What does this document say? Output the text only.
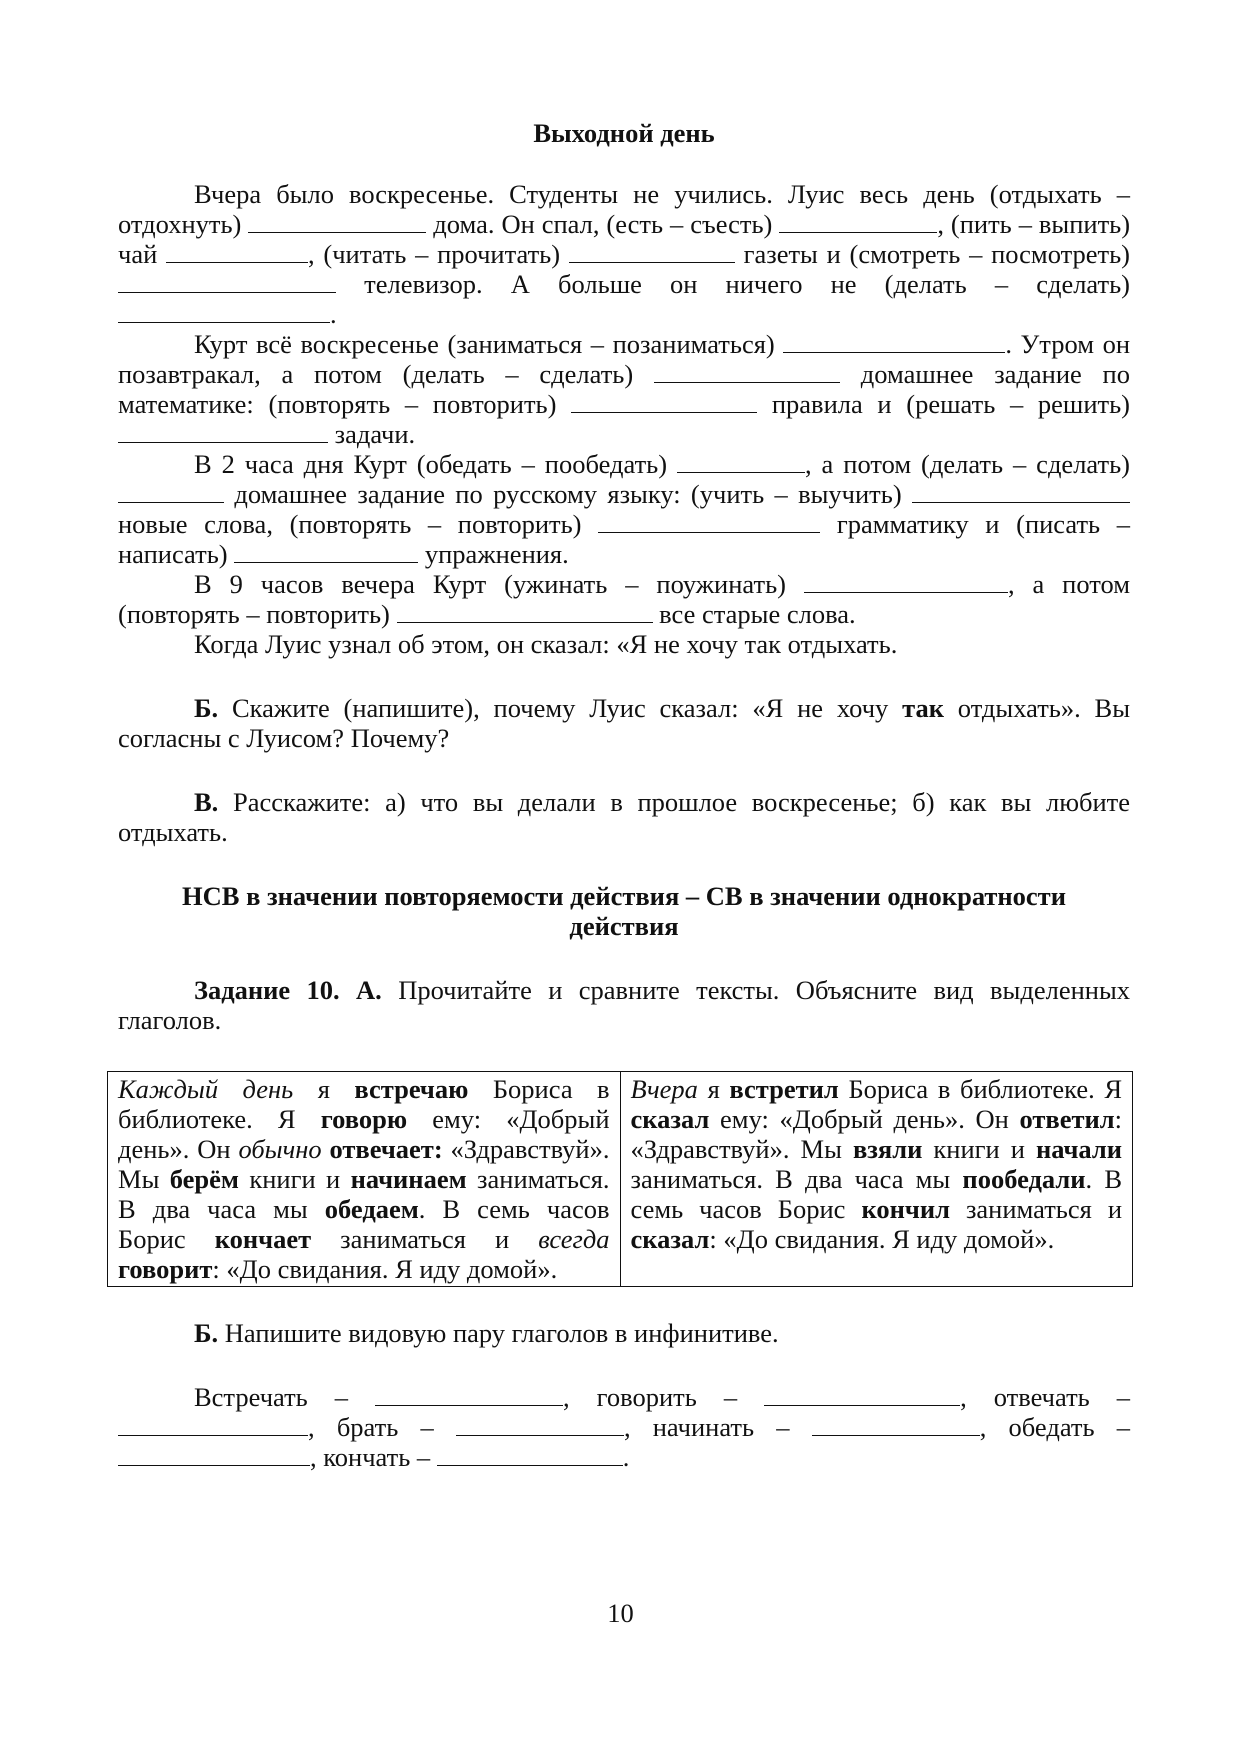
Выходной день

Вчера было воскресенье. Студенты не учились. Луис весь день (отдыхать – отдохнуть)	дома. Он спал, (есть – съесть)	, (пить – выпить) чай	, (читать – прочитать)	газеты и (смотреть – посмотреть)  телевизор. А больше он ничего не (делать – сделать) .

Курт всё воскресенье (заниматься – позаниматься)	. Утром он позавтракал, а потом (делать – сделать)	домашнее задание по математике: (повторять – повторить)	правила и (решать – решить)  задачи.

В 2 часа дня Курт (обедать – пообедать)	, а потом (делать – сделать)  домашнее задание по русскому языку: (учить – выучить)  новые слова, (повторять – повторить)	грамматику и (писать – написать)	упражнения.

В 9 часов вечера Курт (ужинать – поужинать)	, а потом (повторять – повторить)	все старые слова.

Когда Луис узнал об этом, он сказал: «Я не хочу так отдыхать.

Б. Скажите (напишите), почему Луис сказал: «Я не хочу так отдыхать». Вы согласны с Луисом? Почему?

В. Расскажите: а) что вы делали в прошлое воскресенье; б) как вы любите отдыхать.

НСВ в значении повторяемости действия – СВ в значении однократности
действия

Задание 10. А. Прочитайте и сравните тексты. Объясните вид выделенных глаголов.

Каждый день я встречаю Бориса в библиотеке. Я говорю ему: «Добрый день». Он обычно отвечает: «Здравствуй». Мы берём книги и начинаем заниматься. В два часа мы обедаем. В семь часов Борис кончает заниматься и всегда говорит: «До свидания. Я иду домой».	Вчера я встретил Бориса в библиотеке. Я сказал ему: «Добрый день». Он ответил: «Здравствуй». Мы взяли книги и начали заниматься. В два часа мы пообедали. В семь часов Борис кончил заниматься и сказал: «До свидания. Я иду домой».

Б. Напишите видовую пару глаголов в инфинитиве.

Встречать –	, говорить –	, отвечать – , брать –	, начинать –	, обедать – , кончать –	.

10
